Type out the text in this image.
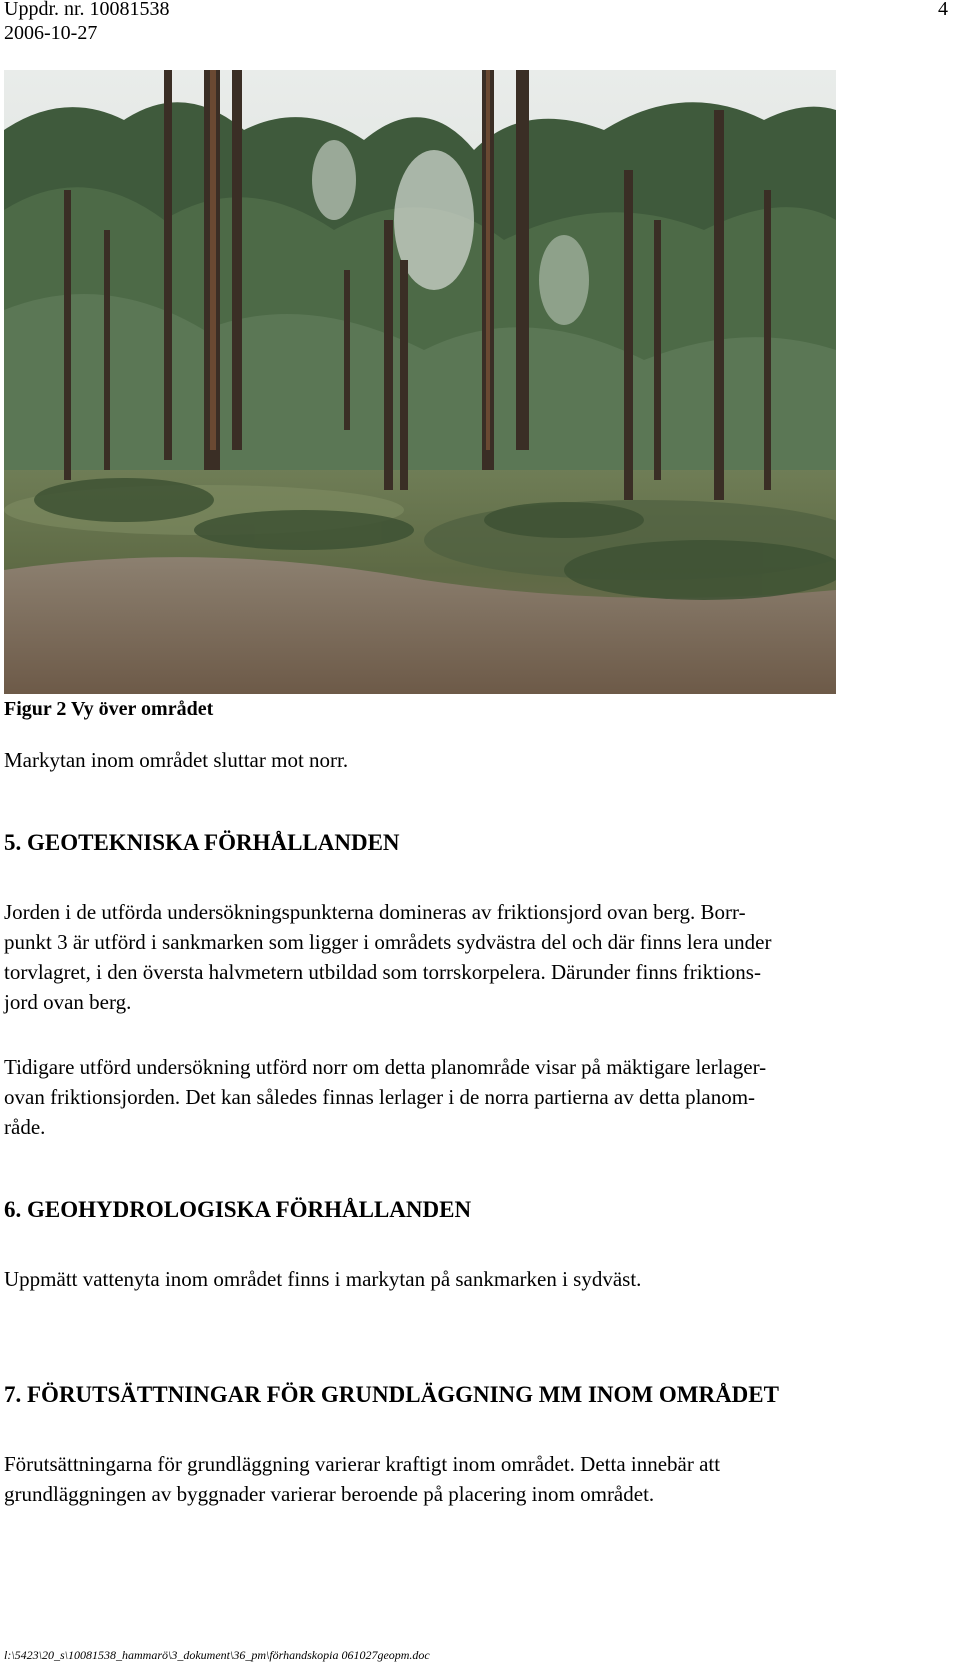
Uppdr. nr. 10081538
2006-10-27
4
Figur 2 Vy över området
Markytan inom området sluttar mot norr.
5. GEOTEKNISKA FÖRHÅLLANDEN
Jorden i de utförda undersökningspunkterna domineras av friktionsjord ovan berg. Borr-
punkt 3 är utförd i sankmarken som ligger i områdets sydvästra del och där finns lera under
torvlagret, i den översta halvmetern utbildad som torrskorpelera. Därunder finns friktions-
jord ovan berg.
Tidigare utförd undersökning utförd norr om detta planområde visar på mäktigare lerlager-
ovan friktionsjorden. Det kan således finnas lerlager i de norra partierna av detta planom-
råde.
6. GEOHYDROLOGISKA FÖRHÅLLANDEN
Uppmätt vattenyta inom området finns i markytan på sankmarken i sydväst.
7. FÖRUTSÄTTNINGAR FÖR GRUNDLÄGGNING MM INOM OMRÅDET
Förutsättningarna för grundläggning varierar kraftigt inom området. Detta innebär att
grundläggningen av byggnader varierar beroende på placering inom området.
l:\5423\20_s\10081538_hammarö\3_dokument\36_pm\förhandskopia 061027geopm.doc
